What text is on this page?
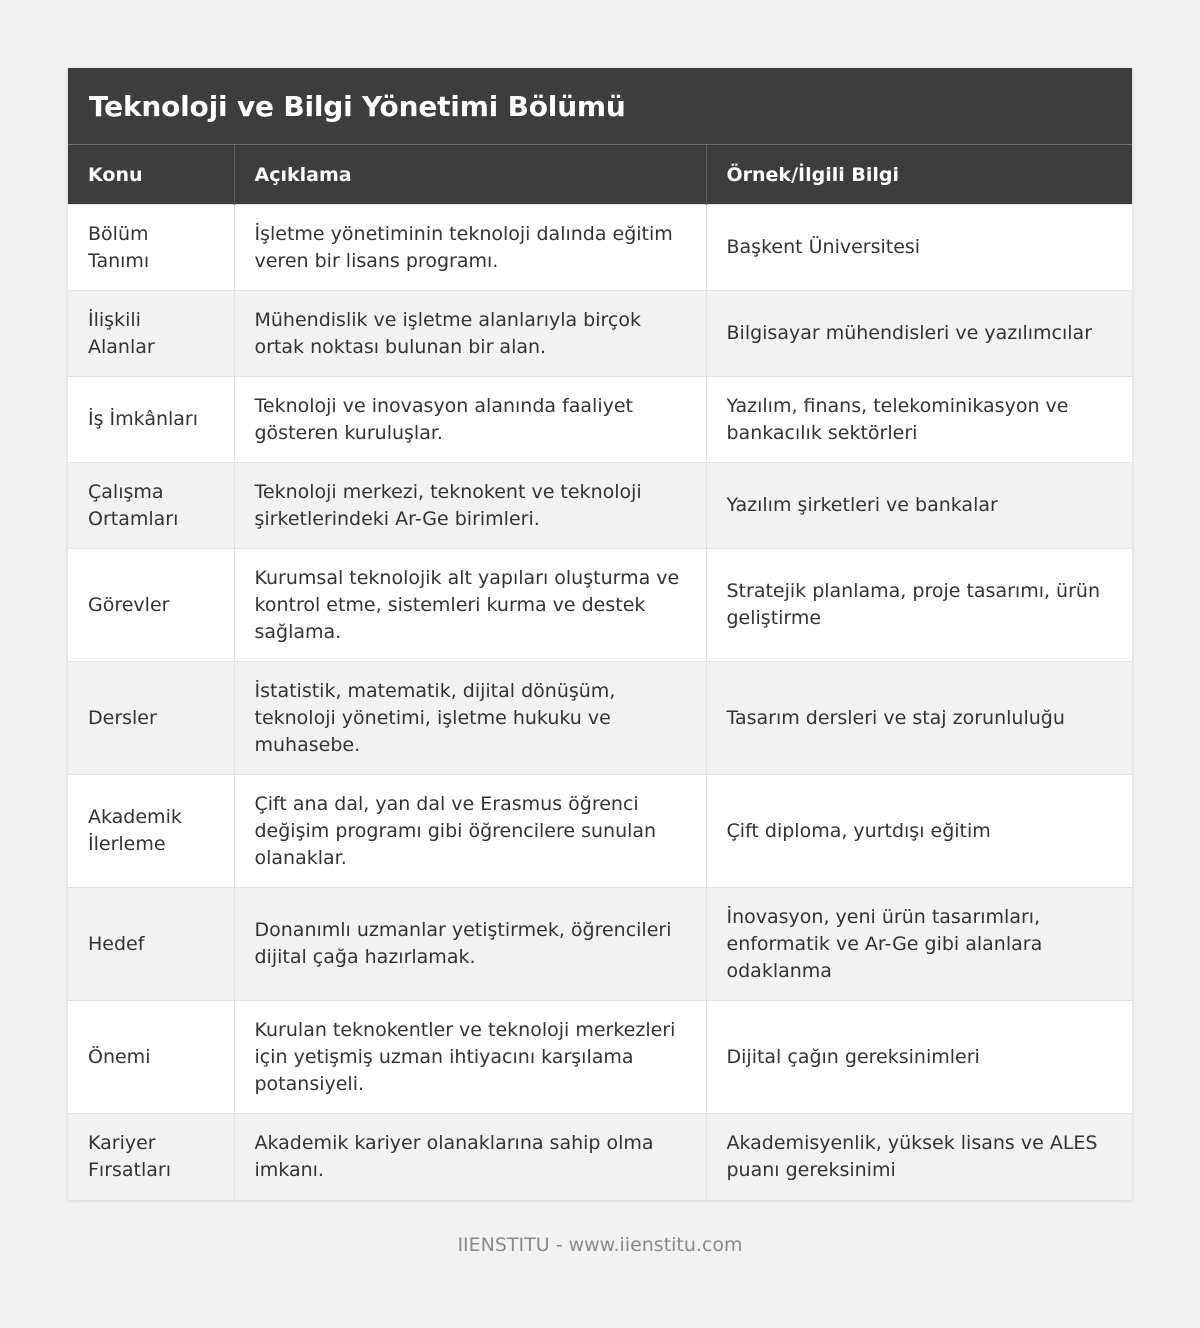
Teknoloji ve Bilgi Yönetimi Bölümü
Konu	Açıklama	Örnek/İlgili Bilgi
Bölüm Tanımı	İşletme yönetiminin teknoloji dalında eğitim veren bir lisans programı.	Başkent Üniversitesi
İlişkili Alanlar	Mühendislik ve işletme alanlarıyla birçok ortak noktası bulunan bir alan.	Bilgisayar mühendisleri ve yazılımcılar
İş İmkânları	Teknoloji ve inovasyon alanında faaliyet gösteren kuruluşlar.	Yazılım, finans, telekominikasyon ve bankacılık sektörleri
Çalışma Ortamları	Teknoloji merkezi, teknokent ve teknoloji şirketlerindeki Ar-Ge birimleri.	Yazılım şirketleri ve bankalar
Görevler	Kurumsal teknolojik alt yapıları oluşturma ve kontrol etme, sistemleri kurma ve destek sağlama.	Stratejik planlama, proje tasarımı, ürün geliştirme
Dersler	İstatistik, matematik, dijital dönüşüm, teknoloji yönetimi, işletme hukuku ve muhasebe.	Tasarım dersleri ve staj zorunluluğu
Akademik İlerleme	Çift ana dal, yan dal ve Erasmus öğrenci değişim programı gibi öğrencilere sunulan olanaklar.	Çift diploma, yurtdışı eğitim
Hedef	Donanımlı uzmanlar yetiştirmek, öğrencileri dijital çağa hazırlamak.	İnovasyon, yeni ürün tasarımları, enformatik ve Ar-Ge gibi alanlara odaklanma
Önemi	Kurulan teknokentler ve teknoloji merkezleri için yetişmiş uzman ihtiyacını karşılama potansiyeli.	Dijital çağın gereksinimleri
Kariyer Fırsatları	Akademik kariyer olanaklarına sahip olma imkanı.	Akademisyenlik, yüksek lisans ve ALES puanı gereksinimi
IIENSTITU - www.iienstitu.com
